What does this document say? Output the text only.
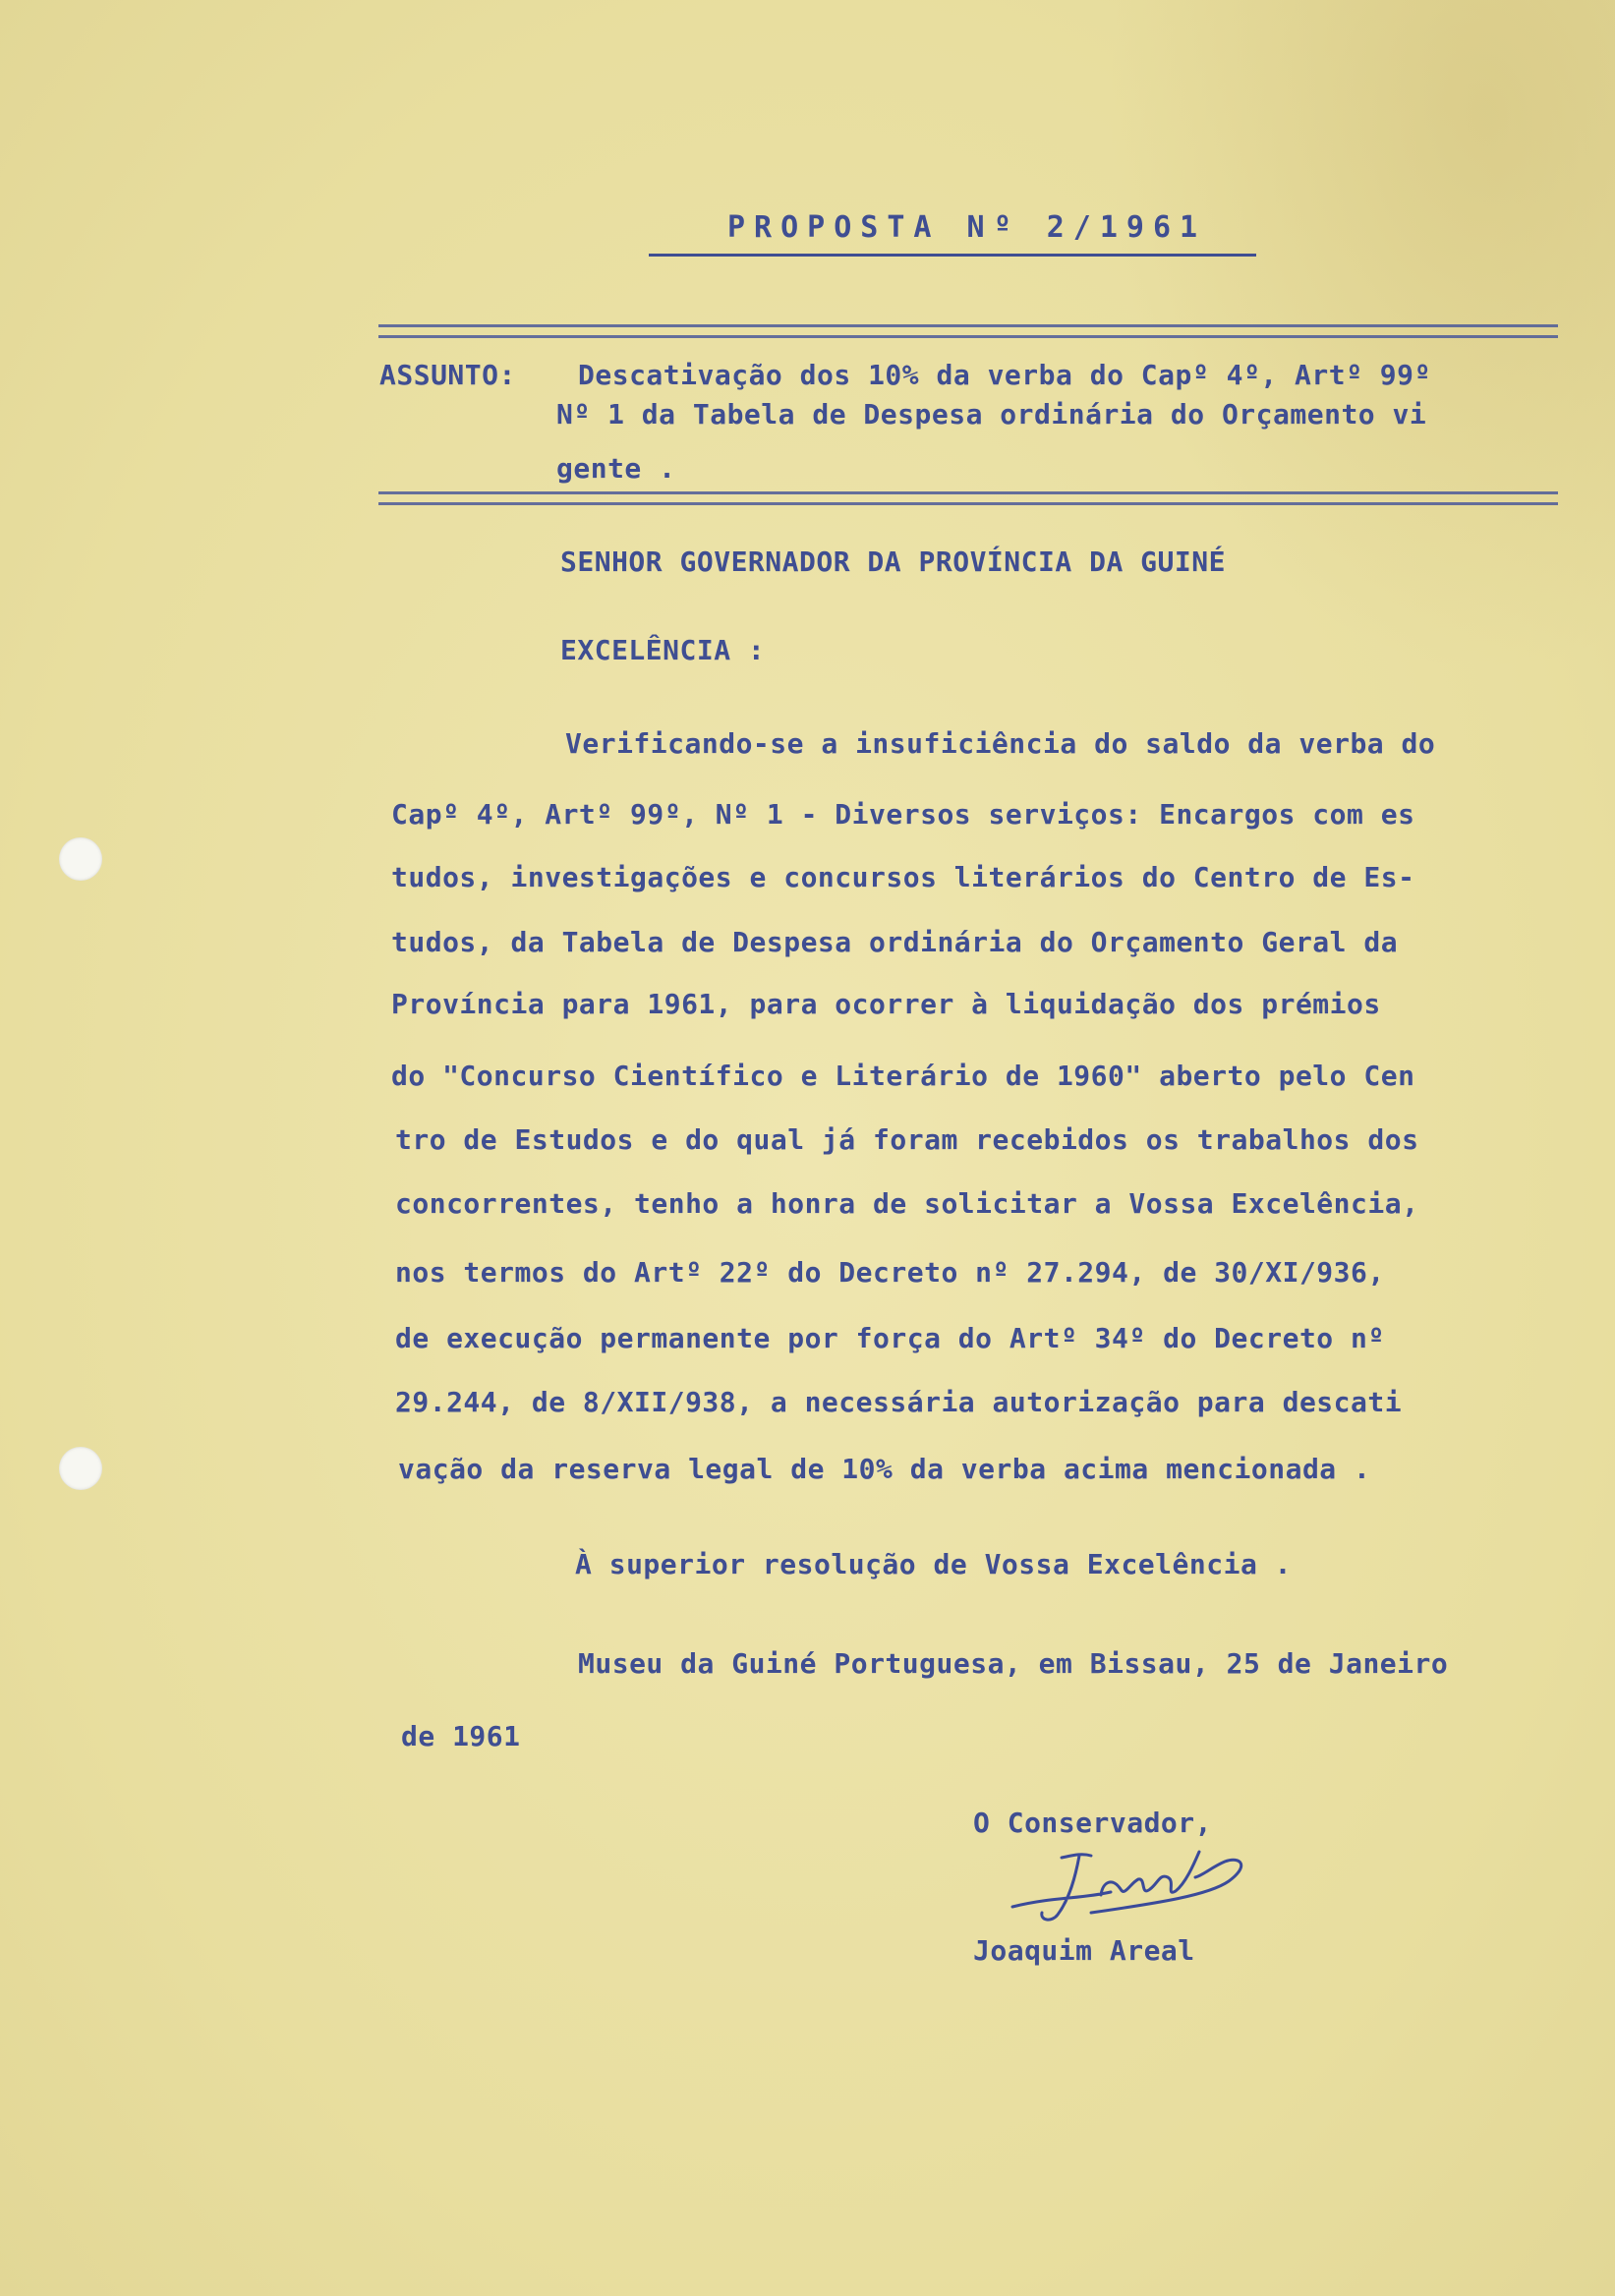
PROPOSTA Nº 2/1961
ASSUNTO: Descativação dos 10% da verba do Capº 4º, Artº 99º
Nº 1 da Tabela de Despesa ordinária do Orçamento vi
gente .
SENHOR GOVERNADOR DA PROVÍNCIA DA GUINÉ
EXCELÊNCIA :
Verificando-se a insuficiência do saldo da verba do
Capº 4º, Artº 99º, Nº 1 - Diversos serviços: Encargos com es
tudos, investigações e concursos literários do Centro de Es-
tudos, da Tabela de Despesa ordinária do Orçamento Geral da
Província para 1961, para ocorrer à liquidação dos prémios
do "Concurso Científico e Literário de 1960" aberto pelo Cen
tro de Estudos e do qual já foram recebidos os trabalhos dos
concorrentes, tenho a honra de solicitar a Vossa Excelência,
nos termos do Artº 22º do Decreto nº 27.294, de 30/XI/936,
de execução permanente por força do Artº 34º do Decreto nº
29.244, de 8/XII/938, a necessária autorização para descati
vação da reserva legal de 10% da verba acima mencionada .
À superior resolução de Vossa Excelência .
Museu da Guiné Portuguesa, em Bissau, 25 de Janeiro
de 1961
O Conservador,
Joaquim Areal
